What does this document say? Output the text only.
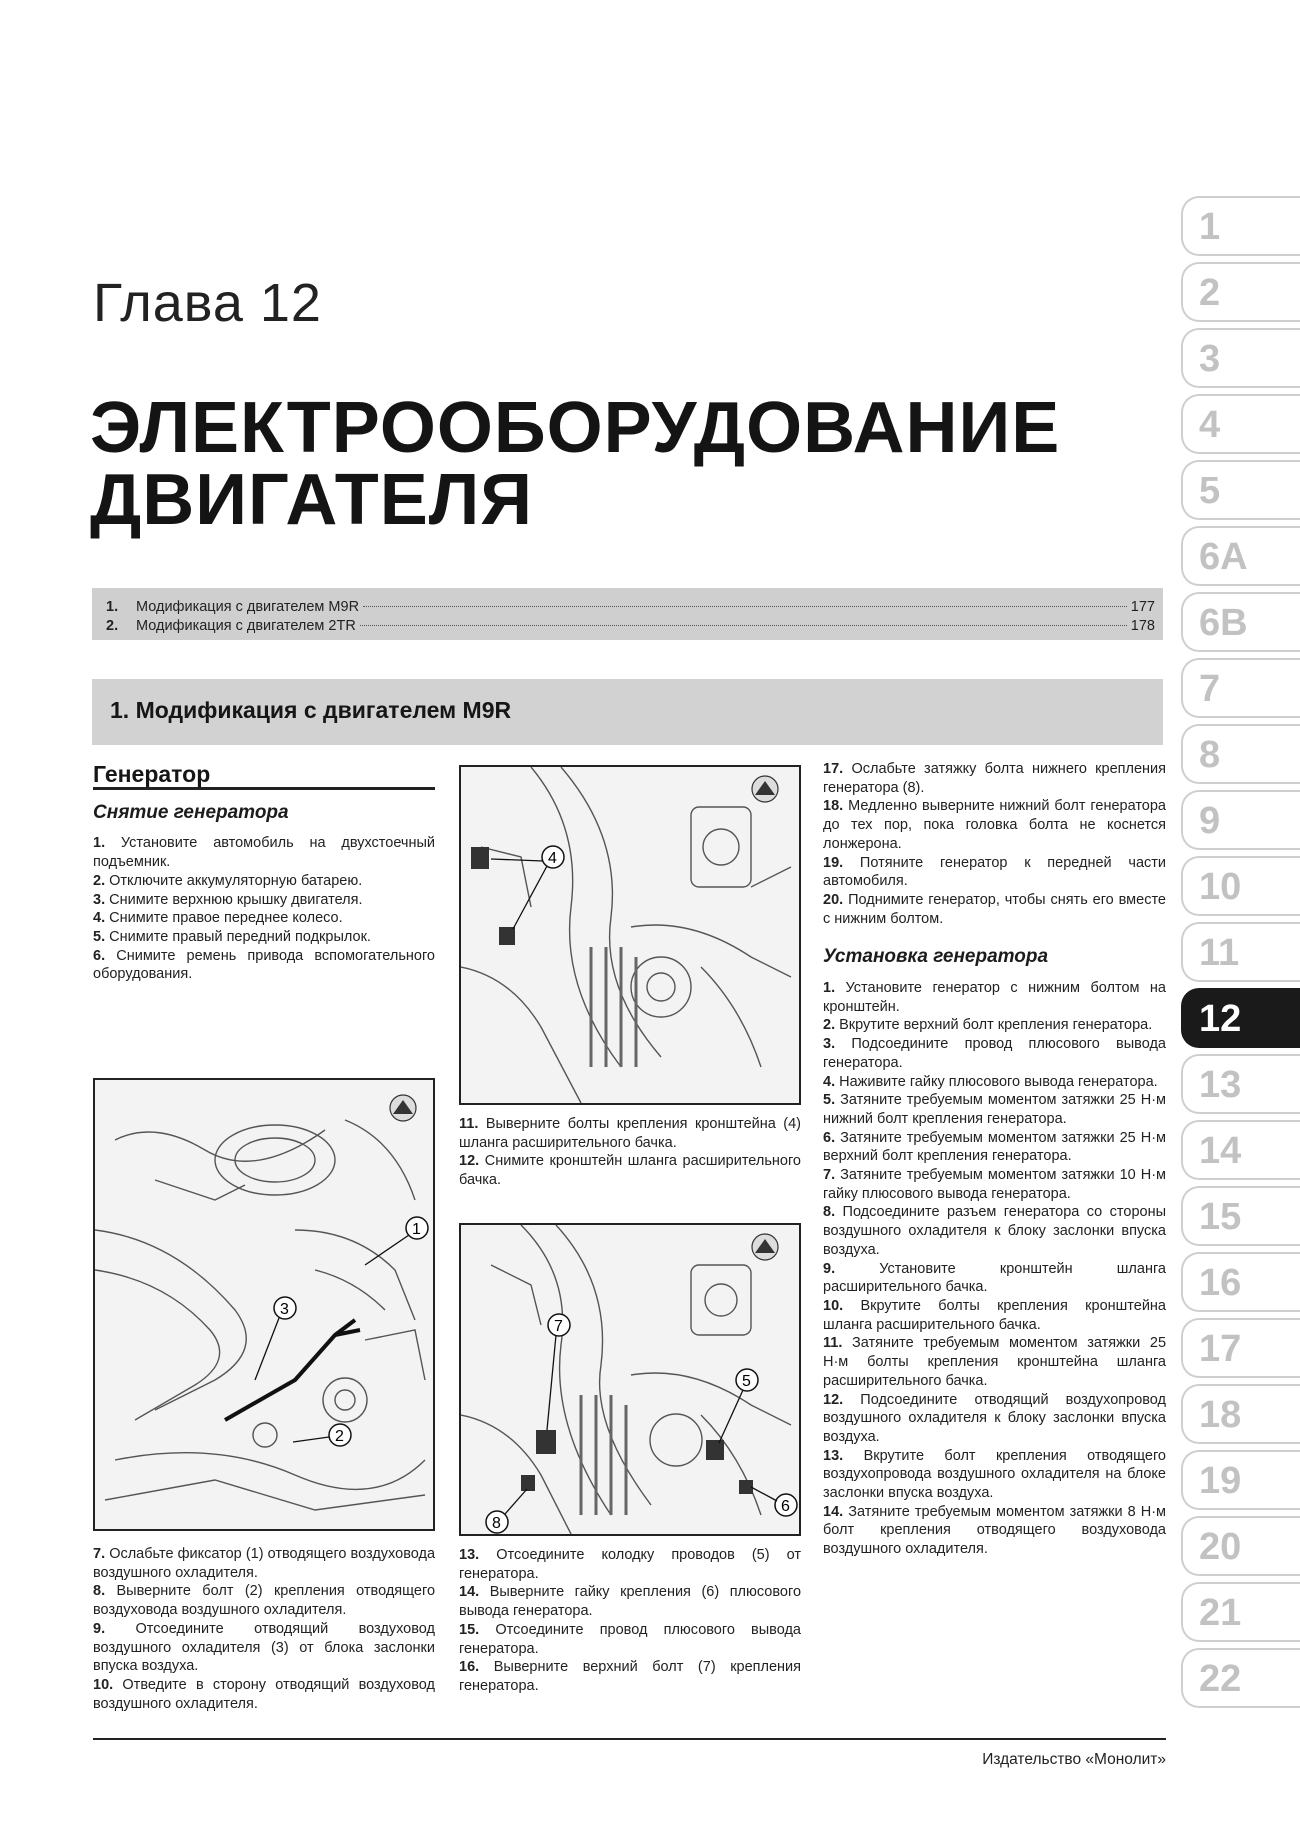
Глава 12
ЭЛЕКТРООБОРУДОВАНИЕ
ДВИГАТЕЛЯ
1.	Модификация с двигателем M9R	177
2.	Модификация с двигателем 2TR	178
1. Модификация с двигателем M9R
Генератор
Снятие генератора

1. Установите автомобиль на двухстоечный подъемник.

2. Отключите аккумуляторную батарею.

3. Снимите верхнюю крышку двигателя.

4. Снимите правое переднее колесо.

5. Снимите правый передний подкрылок.

6. Снимите ремень привода вспомогательного оборудования.

1
2
3

7. Ослабьте фиксатор (1) отводящего воздуховода воздушного охладителя.

8. Выверните болт (2) крепления отводящего воздуховода воздушного охладителя.

9. Отсоедините отводящий воздуховод воздушного охладителя (3) от блока заслонки впуска воздуха.

10. Отведите в сторону отводящий воздуховод воздушного охладителя.

4

11. Выверните болты крепления кронштейна (4) шланга расширительного бачка.

12. Снимите кронштейн шланга расширительного бачка.

5
6
7
8

13. Отсоедините колодку проводов (5) от генератора.

14. Выверните гайку крепления (6) плюсового вывода генератора.

15. Отсоедините провод плюсового вывода генератора.

16. Выверните верхний болт (7) крепления генератора.

17. Ослабьте затяжку болта нижнего крепления генератора (8).

18. Медленно выверните нижний болт генератора до тех пор, пока головка болта не коснется лонжерона.

19. Потяните генератор к передней части автомобиля.

20. Поднимите генератор, чтобы снять его вместе с нижним болтом.

Установка генератора

1. Установите генератор с нижним болтом на кронштейн.

2. Вкрутите верхний болт крепления генератора.

3. Подсоедините провод плюсового вывода генератора.

4. Наживите гайку плюсового вывода генератора.

5. Затяните требуемым моментом затяжки 25 Н·м нижний болт крепления генератора.

6. Затяните требуемым моментом затяжки 25 Н·м верхний болт крепления генератора.

7. Затяните требуемым моментом затяжки 10 Н·м гайку плюсового вывода генератора.

8. Подсоедините разъем генератора со стороны воздушного охладителя к блоку заслонки впуска воздуха.

9.	Установите кронштейн шланга расширительного бачка.

10. Вкрутите болты крепления кронштейна шланга расширительного бачка.

11. Затяните требуемым моментом затяжки 25 Н·м болты крепления кронштейна шланга расширительного бачка.

12. Подсоедините отводящий воздухопровод воздушного охладителя к блоку заслонки впуска воздуха.

13. Вкрутите болт крепления отводящего воздухопровода воздушного охладителя на блоке заслонки впуска воздуха.

14. Затяните требуемым моментом затяжки 8 Н·м болт крепления отводящего воздуховода воздушного охладителя.

1
2
3
4
5
6A
6B
7
8
9
10
11
12
13
14
15
16
17
18
19
20
21
22
Издательство «Монолит»
